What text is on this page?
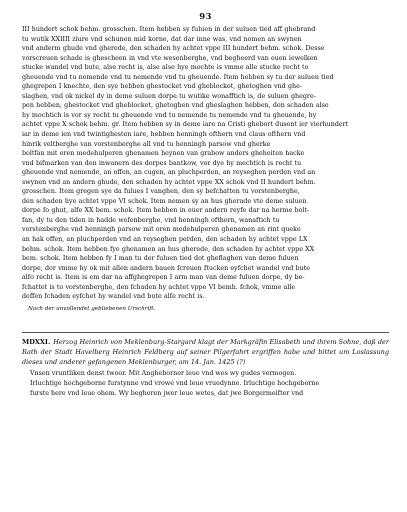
93
III hundert schok behm. grosschen. Item hebben sy fuluen in der suluen tied aff ghebrand
tu wutik XXIIII ziure vnd schunen mid korne, dat dar inne was, vnd nomen an swynen
vnd anderm ghude vnd gherede, den schaden hy achtet vppe III hundert behm. schok. Desse
vorscreuen schade is ghescheen in vnd vte wesenberghe, vnd begheerd van euen iewelken
stucke wandel vnd bute, alse recht is, alse alse hye mochte is vmme alle stucke recht to
gheuende vnd tu nemende vnd tu nemende vnd tu gheuende. Item hebben sy tu der suluen tied
ghegrepen I knechte, den sye hebben ghestocket vnd gheblocket, ghetoghen vnd ghe-
slaghen, vnd ok nickel dy in deme suluen dorpe tu wutike wonafftich is, de suluen ghegre-
pen hebben, ghestocket vnd gheblocket, ghetoghen vnd gheslaghen hebben, den schaden alse
hy mochtich is vor sy recht tu gheuende vnd tu nemende tu nemende vnd tu gheuende, hy
achtet vppe X schok behm. gr. Item hebben sy in deme iare na Cristi ghebort dusent ier vierhundert
iar in deme ien vnd twintighesten iare, hebben henningh ofthern vnd claus ofthern vnd
hinrik veltberghe van vorstenberghe all vnd tu henningh parsow vnd gherke
boltfan mit eren medehulperen ghenamen heynen van grabow anders gheheiten hacke
vnd bifmarken van den inwanern des dorpes bantkow, vor dye hy mechtich is recht tu
gheuende vnd nemende, an offen, an cugen, an pluchperden, an reyseghen perden vnd an
swynen vnd an andern ghude, den schaden hy achtet vppe XX schok vnd II hundert behm.
grosschen. Item gregen sye da fulues I vanghen, den sy befchatten tu vorstenberghe,
den schaden hye achtet vppe VI schok. Item nemen sy an hus gherade vte deme suluen
dorpe fo ghut, alfe XX bem. schok. Item hebben in euer andern reyfe dar na herme bolt-
fan, dy tu den tiden in hadde wefenberghe, vnd henningh ofthern, wanaftich tu
vorstenberghe vnd henningh parsow mit eren medehulperen ghenamen an rint queke
an hak offen, an pluchperden vnd an reyseghen perden, den schaden hy achtet vppe LX
behm. schok. Item hebben fye ghenamen an hus gherede, den schaden hy achtet vppe XX
bem. schok. Item hebben fy I man tu der fuluen tied dot gheflaghen van deme fuluen
dorpe, dor vmme hy ok mit allen andern bauen fcreuen ftucken eyfchet wandel vnd bute
alfo recht is. Item is em dar na affghegrepen I arm man van deme fuluen dorpe, dy be-
fchattet is to vorstenberghe, den fchaden hy achtet vppe VI bemh. fchok, vmme alle
deffen fchaden eyfchet hy wandel vnd bute alfe recht is.
Nach der unvollendet gebliebenen Urschrift.
MDXXI. Herzog Heinrich von Meklenburg-Stargard klagt der Markgräfin Elisabeth und ihrem Sohne, daß der Rath der Stadt Havelberg Heinrich Feldberg auf seiner Pilgerfahrt ergriffen habe und bittet um Loslassung dieses und anderer gefangenen Meklenburger, am 14. Jan. 1425 (?)
Vnsen vruntliken denst twoor. Mit Angheborner leue vnd wes wy gudes vermogen.
Irluchtige hochgeborne furstynne vnd vrowe vnd leue vruedynne. Irluchtige hochgeborne
furste here vnd leue ohem. Wy begheren jwer leue wetes, dat jwe Borgermeifter vnd
